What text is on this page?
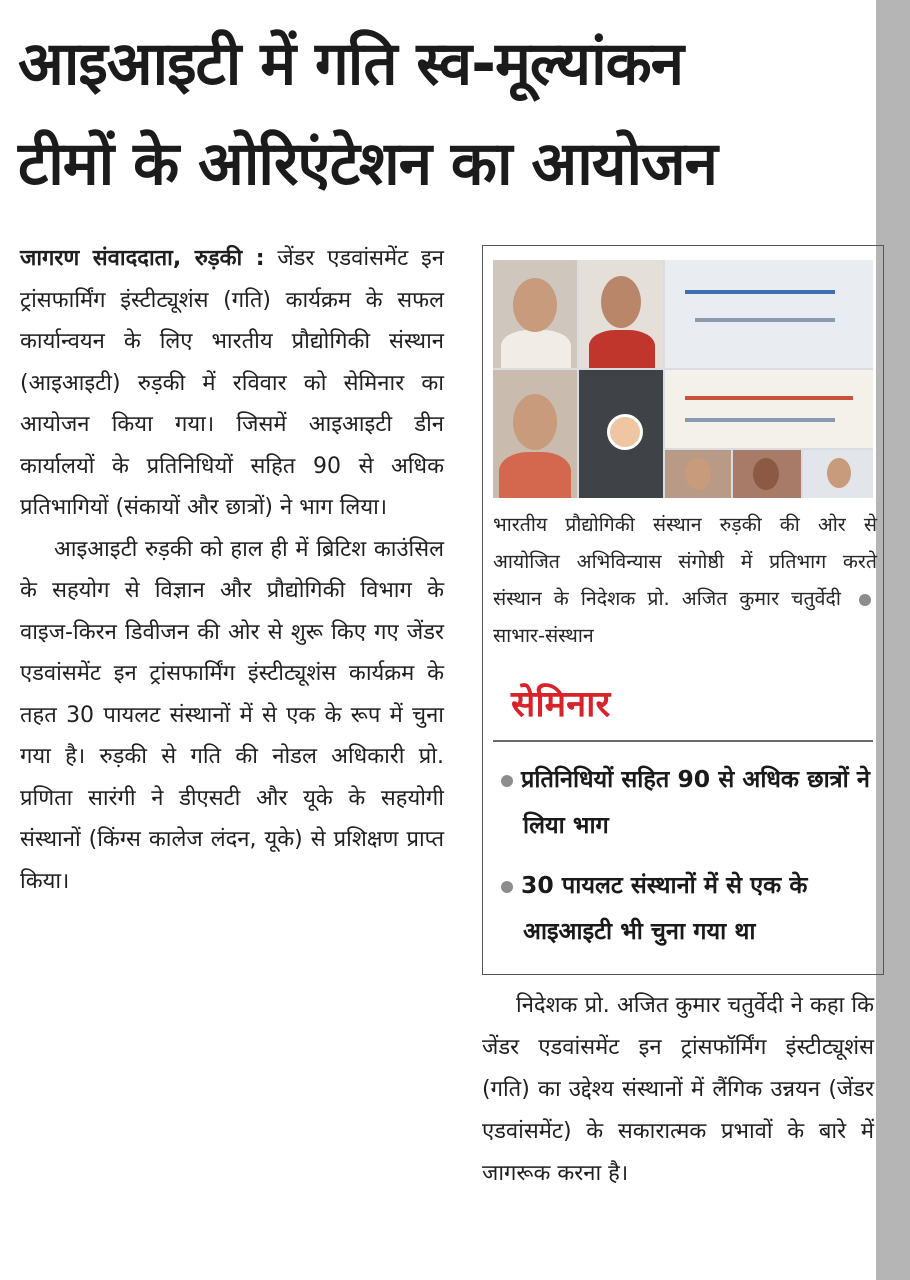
आइआइटी में गति स्व-मूल्यांकन
टीमों के ओरिएंटेशन का आयोजन

जागरण संवाददाता, रुड़की : जेंडर एडवांसमेंट इन ट्रांसफार्मिंग इंस्टीट्यूशंस (गति) कार्यक्रम के सफल कार्यान्वयन के लिए भारतीय प्रौद्योगिकी संस्थान (आइआइटी) रुड़की में रविवार को सेमिनार का आयोजन किया गया। जिसमें आइआइटी डीन कार्यालयों के प्रतिनिधियों सहित 90 से अधिक प्रतिभागियों (संकायों और छात्रों) ने भाग लिया।

आइआइटी रुड़की को हाल ही में ब्रिटिश काउंसिल के सहयोग से विज्ञान और प्रौद्योगिकी विभाग के वाइज-किरन डिवीजन की ओर से शुरू किए गए जेंडर एडवांसमेंट इन ट्रांसफार्मिंग इंस्टीट्यूशंस कार्यक्रम के तहत 30 पायलट संस्थानों में से एक के रूप में चुना गया है। रुड़की से गति की नोडल अधिकारी प्रो. प्रणिता सारंगी ने डीएसटी और यूके के सहयोगी संस्थानों (किंग्स कालेज लंदन, यूके) से प्रशिक्षण प्राप्त किया।

भारतीय प्रौद्योगिकी संस्थान रुड़की की ओर से आयोजित अभिविन्यास संगोष्ठी में प्रतिभाग करते संस्थान के निदेशक प्रो. अजित कुमार चतुर्वेदी  साभार-संस्थान

सेमिनार

प्रतिनिधियों सहित 90 से अधिक छात्रों ने लिया भाग

30 पायलट संस्थानों में से एक के आइआइटी भी चुना गया था

निदेशक प्रो. अजित कुमार चतुर्वेदी ने कहा कि जेंडर एडवांसमेंट इन ट्रांसफॉर्मिंग इंस्टीट्यूशंस (गति) का उद्देश्य संस्थानों में लैंगिक उन्नयन (जेंडर एडवांसमेंट) के सकारात्मक प्रभावों के बारे में जागरूक करना है।
